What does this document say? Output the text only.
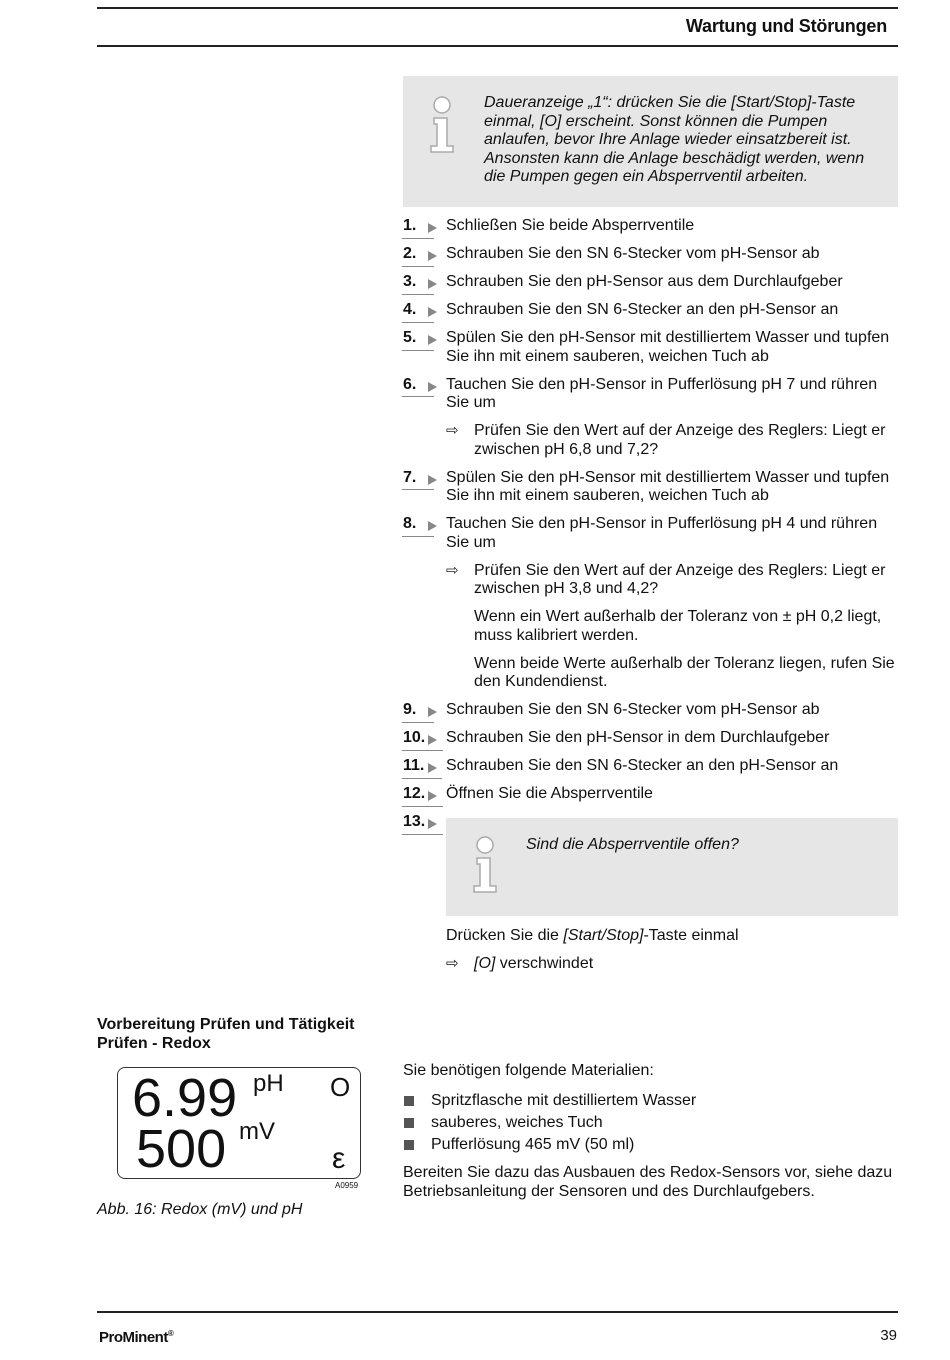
Wartung und Störungen
Daueranzeige „1“: drücken Sie die [Start/Stop]-Taste einmal, [O] erscheint. Sonst können die Pumpen anlaufen, bevor Ihre Anlage wieder einsatzbereit ist. Ansonsten kann die Anlage beschädigt werden, wenn die Pumpen gegen ein Absperrventil arbeiten.
1. Schließen Sie beide Absperrventile
2. Schrauben Sie den SN 6-Stecker vom pH-Sensor ab
3. Schrauben Sie den pH-Sensor aus dem Durchlaufgeber
4. Schrauben Sie den SN 6-Stecker an den pH-Sensor an
5. Spülen Sie den pH-Sensor mit destilliertem Wasser und tupfen Sie ihn mit einem sauberen, weichen Tuch ab
6. Tauchen Sie den pH-Sensor in Pufferlösung pH 7 und rühren Sie um
⇨ Prüfen Sie den Wert auf der Anzeige des Reglers: Liegt er zwischen pH 6,8 und 7,2?
7. Spülen Sie den pH-Sensor mit destilliertem Wasser und tupfen Sie ihn mit einem sauberen, weichen Tuch ab
8. Tauchen Sie den pH-Sensor in Pufferlösung pH 4 und rühren Sie um
⇨ Prüfen Sie den Wert auf der Anzeige des Reglers: Liegt er zwischen pH 3,8 und 4,2?
Wenn ein Wert außerhalb der Toleranz von ± pH 0,2 liegt, muss kalibriert werden.
Wenn beide Werte außerhalb der Toleranz liegen, rufen Sie den Kundendienst.
9. Schrauben Sie den SN 6-Stecker vom pH-Sensor ab
10. Schrauben Sie den pH-Sensor in dem Durchlaufgeber
11. Schrauben Sie den SN 6-Stecker an den pH-Sensor an
12. Öffnen Sie die Absperrventile
13.
Sind die Absperrventile offen?
Drücken Sie die [Start/Stop]-Taste einmal
⇨ [O] verschwindet
Vorbereitung Prüfen und Tätigkeit
Prüfen - Redox
6.99 pH O
500 mV
ε
A0959
Abb. 16: Redox (mV) und pH
Sie benötigen folgende Materialien:
Spritzflasche mit destilliertem Wasser
sauberes, weiches Tuch
Pufferlösung 465 mV (50 ml)
Bereiten Sie dazu das Ausbauen des Redox-Sensors vor, siehe dazu Betriebsanleitung der Sensoren und des Durchlaufgebers.
ProMinent®	39
